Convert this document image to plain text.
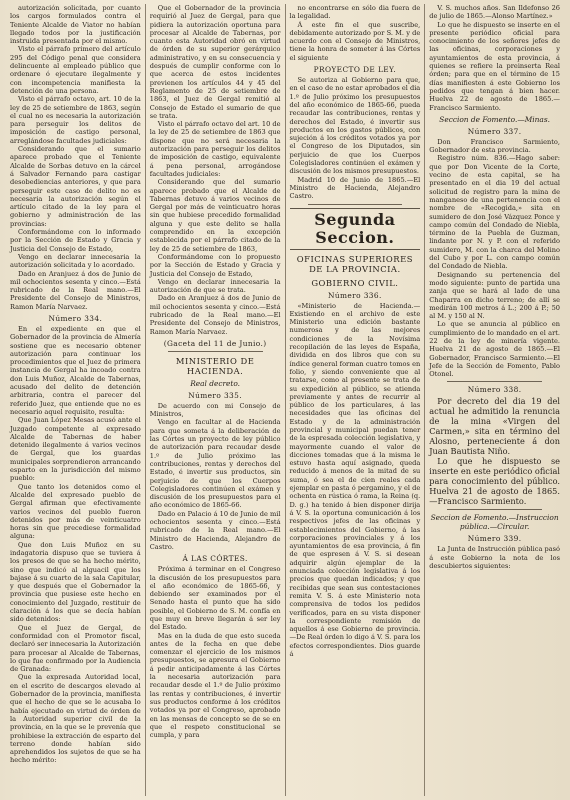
autorización solicitada, por cuanto los cargos formulados contra el Teniente Alcalde de Viator no habían llegado todos por la justificación instruida presentada por el mismo.

Visto el párrafo primero del artículo 295 del Código penal que considera delincuente al empleado público que ordenare ó ejecutare ilegalmente y con incompetencia manifiesta la detención de una persona.

Visto el párrafo octavo, art. 10 de la ley de 25 de setiembre de 1863, según el cual no es necesaria la autorización para perseguir los delitos de imposición de castigo personal, arreglándose facultades judiciales:

Considerando que el sumario aparece probado que el Teniente Alcalde de Sorbas detuvo en la cárcel á Salvador Fernando para castigar desobediencias anteriores, y que para perseguir este caso de delito no es necesaria la autorización según el artículo citado de la ley para el gobierno y administración de las provincias:

Conformándome con lo informado por la Sección de Estado y Gracia y Justicia del Consejo de Estado,

Vengo en declarar innecesaria la autorización solicitada y lo acordado.

Dado en Aranjuez á dos de Junio de mil ochocientos sesenta y cinco.—Está rubricado de la Real mano.—El Presidente del Consejo de Ministros, Ramon María Narvaez.

Número 334.

En el expediente en que el Gobernador de la provincia de Almería sostiene que es necesario obtener autorización para continuar los procedimientos que el Juez de primera instancia de Gergal ha incoado contra don Luis Muñoz, Alcalde de Tabernas, acusado del delito de detención arbitraria, contra el parecer del referido Juez, que entiende que no es necesario aquel requisito, resulta:

Que Juan López Mesas acusó ante el Juzgado competente al expresado Alcalde de Tabernas de haber detenido ilegalmente á varios vecinos de Gergal, que los guardas municipales sorprendieron arrancando esparto en la jurisdicción del mismo pueblo:

Que tanto los detenidos como el Alcalde del expresado pueblo de Gergal afirman que efectivamente varios vecinos del pueblo fueron detenidos por más de veinticuatro horas sin que precediese formalidad alguna:

Que don Luis Muñoz en su indagatoria dispuso que se tuviera á los presos de que se ha hecho mérito, sino que indicó al alguacil que los bajase á su cuarto de la sala Capitular, y que después que el Gobernador la provincia que pusiese este hecho en conocimiento del Juzgado, restituir de claración á los que se decía habían sido detenidos:

Que el Juez de Gergal, de conformidad con el Promotor fiscal, declaró ser innecesaria la Autorización para procesar al Alcalde de Tabernas, lo que fue confirmado por la Audiencia de Granada:

Que la expresada Autoridad local, en el escrito de descargos elevado al Gobernador de la provincia, manifiesta que el hecho de que se le acusaba lo había ejecutado en virtud de órden de la Autoridad superior civil de la provincia, en la que se le prevenía que prohibiese la extracción de esparto del terreno donde habían sido aprehendidos los sujetos de que se ha hecho mérito:

Que el Gobernador de la provincia requirió al Juez de Gergal, para que pidiera la autorización oportuna para procesar al Alcalde de Tabernas, por cuanto esta Autoridad obró en virtud de órden de su superior gerárquico administrativo, y en su consecuencia y después de cumplir conforme con lo que acerca de estos incidentes previenen los artículos 44 y 45 del Reglamento de 25 de setiembre de 1863, el Juez de Gergal remitió al Consejo de Estado el sumario de que se trata.

Visto el párrafo octavo del art. 10 de la ley de 25 de setiembre de 1863 que dispone que no será necesaria la autorización para perseguir los delitos de imposición de castigo, equivalente á pena personal, arrogándose facultades judiciales:

Considerando que del sumario aparece probado que el Alcalde de Tabernas detuvo á varios vecinos de Gergal por más de veinticuatro horas sin que hubiese precedido formalidad alguna y que este delito se halla comprendido en la excepción establecida por el párrafo citado de la ley de 25 de setiembre de 1863,

Conformándome con lo propuesto por la Sección de Estado y Gracia y Justicia del Consejo de Estado,

Vengo en declarar innecesaria la autorización de que se trata.

Dado en Aranjuez á dos de Junio de mil ochocientos sesenta y cinco.—Está rubricado de la Real mano.—El Presidente del Consejo de Ministros, Ramon María Narvaez.

(Gaceta del 11 de Junio.)
MINISTERIO DE HACIENDA.
Real decreto.
Número 335.

De acuerdo con mi Consejo de Ministros,

Vengo en facultar al de Hacienda para que someta á la deliberación de las Córtes un proyecto de ley público de autorización para recaudar desde 1.º de Julio próximo las contribuciones, rentas y derechos del Estado, é invertir sus productos, sin perjuicio de que los Cuerpos Colegisladores continúen el exámen y discusión de los presupuestos para el año económico de 1865-66.

Dado en Palacio á 10 de Junio de mil ochocientos sesenta y cinco.—Está rubricado de la Real mano.—El Ministro de Hacienda, Alejandro de Castro.

Á LAS CÓRTES.

Próxima á terminar en el Congreso la discusión de los presupuestos para el año económico de 1865-66, y debiendo ser examinados por el Senado hasta el punto que ha sido posible, el Gobierno de S. M. confía en que muy en breve llegarán á ser ley del Estado.

Mas en la duda de que esto suceda antes de la fecha en que debe comenzar el ejercicio de los mismos presupuestos, se apresura el Gobierno á pedir anticipadamente á las Córtes la necesaria autorización para recaudar desde el 1.º de Julio próximo las rentas y contribuciones, é invertir sus productos conforme á los créditos votados ya por el Congreso, aprobado en las mensas de concepto se de se en que el respeto constitucional se cumpla, y para

no encontrarse en sólo dia fuera de la legalidad.

Á este fin el que suscribe, debidamente autorizado por S. M. y de acuerdo con el Consejo de Ministros, tiene la honra de someter á las Córtes el siguiente

PROYECTO DE LEY.

Se autoriza al Gobierno para que, en el caso de no estar aprobados el dia 1.º de Julio próximo los presupuestos del año económico de 1865-66, pueda recaudar las contribuciones, rentas y derechos del Estado, é invertir sus productos en los gastos públicos, con sujeción á los créditos votados ya por el Congreso de los Diputados, sin perjuicio de que los Cuerpos Colegisladores continúen el exámen y discusión de los mismos presupuestos.

Madrid 10 de Junio de 1865.—El Ministro de Hacienda, Alejandro Castro.

Segunda Seccion.
OFICINAS SUPERIORES DE LA PROVINCIA.
GOBIERNO CIVIL.
Número 336.

«Ministerio de Hacienda.—Existiendo en el archivo de este Ministerio una edición bastante numerosa y de las mejores condiciones de la Novísima recopilación de las leyes de España, dividida en dos libros que con su índice general forman cuatro tomos en folio, y siendo conveniente que al tratarse, como al presente se trata de su expedición al público, se atienda previamente y antes de recurrir al público de los particulares, á las necesidades que las oficinas del Estado y de la administración provincial y municipal puedan tener de la espresada colección legislativa, y mayormente cuando el valor de dicciones tomadas que á la misma le estuvo hasta aquí asignado, queda reducido á menos de la mitad de su suma, ó sea el de cien reales cada ejemplar en pasta ó pergamino, y el de ochenta en rústica ó rama, la Reina (q. D. g.) ha tenido á bien disponer dirija á V. S. la oportuna comunicación á los respectivos jefes de las oficinas y establecimientos del Gobierno, á las corporaciones provinciales y á los ayuntamientos de esa provincia, á fin de que espresen á V. S. si desean adquirir algún ejemplar de la enunciada colección legislativa á los precios que quedan indicados; y que recibidas que sean sus contestaciones remita V. S. á este Ministerio nota comprensiva de todos los pedidos verificados, para en su vista disponer la correspondiente remisión de aquellos á ese Gobierno de provincia.—De Real órden lo digo á V. S. para los efectos correspondientes. Dios guarde á

V. S. muchos años. San Ildefonso 26 de julio de 1865.—Alonso Martínez.»

Lo que he dispuesto se inserte en el presente periódico oficial para conocimiento de los señores jefes de las oficinas, corporaciones y ayuntamientos de esta provincia, á quienes se refiere la preinserta Real órden; para que en el término de 15 días manifiesten á este Gobierno los pedidos que tengan á bien hacer. Huelva 22 de agosto de 1865.—Francisco Sarmiento.

Seccion de Fomento.—Minas.
Número 337.

Don Francisco Sarmiento, Gobernador de esta provincia.

Registro núm. 836.—Hago saber: que por Don Vicente de la Corte, vecino de esta capital, se ha presentado en el dia 19 del actual solicitud de registro para la mina de manganeso de una pertenencia con el nombre de «Recogida,» sita en sumidero de don José Vázquez Ponce y campo común del Condado de Niebla, término de la Puebla de Guzman, lindante por N. y P. con el referido sumidero, M. con la charca del Molino del Cubo y por L. con campo común del Condado de Niebla.

Designando su pertenencia del modo siguiente: punto de partida una zanja que se hará al lado de una Chaparra en dicho terreno; de allí se medirán 100 metros á L.; 200 á P.; 50 al M. y 150 al N.

Lo que se anuncia al público en cumplimiento de lo mandado en el art. 22 de la ley de minería vigente. Huelva 21 de agosto de 1865.—El Gobernador, Francisco Sarmiento.—El Jefe de la Sección de Fomento, Pablo Otonel.

Número 338.

Por decreto del dia 19 del actual he admitido la renuncia de la mina «Virgen del Carmen,» sita en término del Alosno, perteneciente á don Juan Bautista Niño.

Lo que he dispuesto se inserte en este periódico oficial para conocimiento del público. Huelva 21 de agosto de 1865.—Francisco Sarmiento.

Seccion de Fomento.—Instruccion pública.—Circular.
Número 339.

La Junta de Instrucción pública pasó á este Gobierno la nota de los descubiertos siguientes:
